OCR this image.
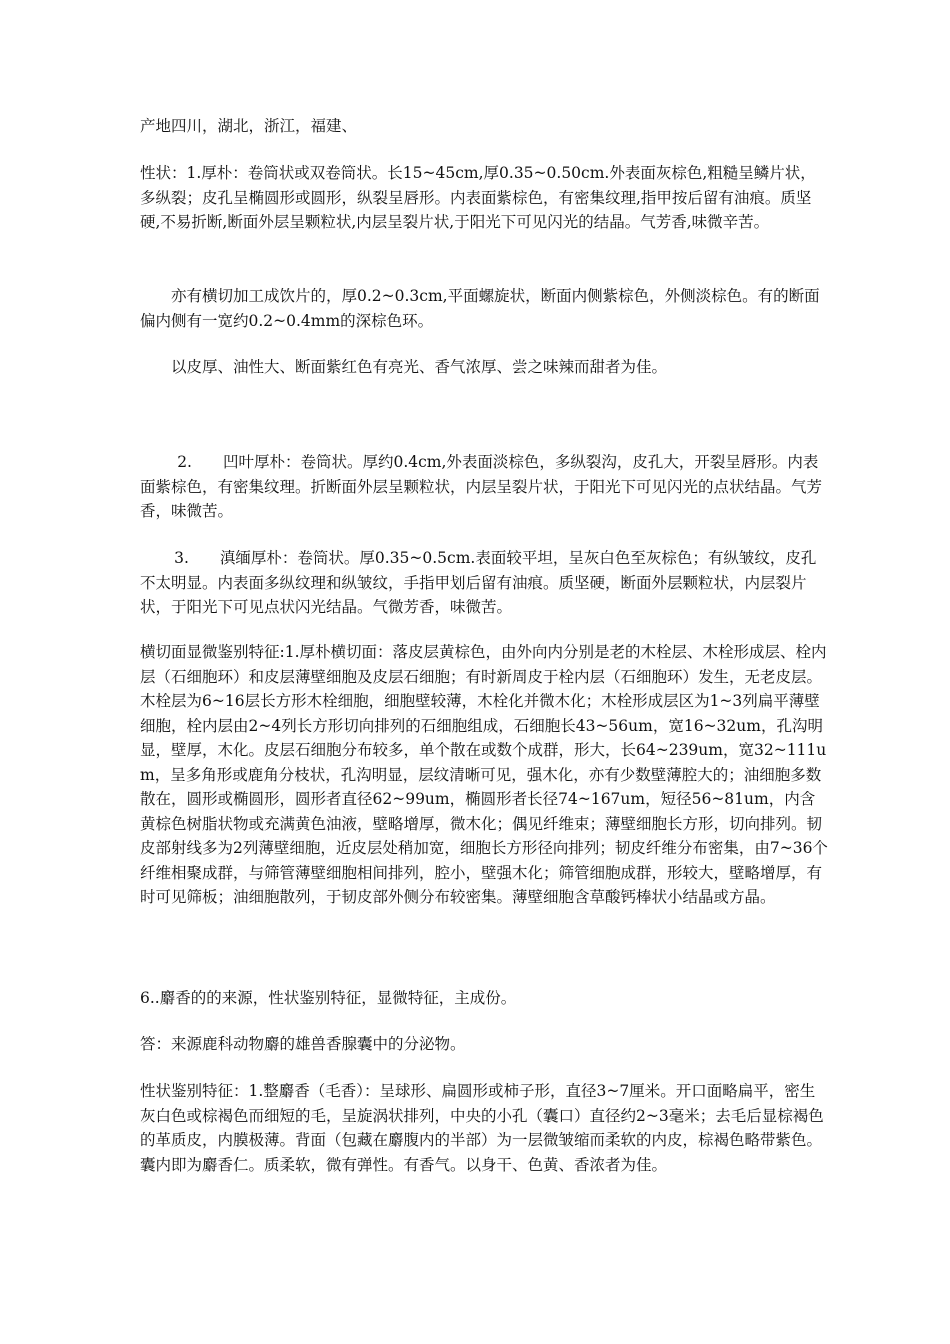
产地四川，湖北，浙江，福建、

性状：1.厚朴：卷筒状或双卷筒状。长15~45cm,厚0.35~0.50cm.外表面灰棕色,粗糙呈鳞片状，多纵裂；皮孔呈椭圆形或圆形，纵裂呈唇形。内表面紫棕色，有密集纹理,指甲按后留有油痕。质坚硬,不易折断,断面外层呈颗粒状,内层呈裂片状,于阳光下可见闪光的结晶。气芳香,味微辛苦。

亦有横切加工成饮片的，厚0.2~0.3cm,平面螺旋状，断面内侧紫棕色，外侧淡棕色。有的断面偏内侧有一宽约0.2~0.4mm的深棕色环。

以皮厚、油性大、断面紫红色有亮光、香气浓厚、尝之味辣而甜者为佳。

2.　　凹叶厚朴：卷筒状。厚约0.4cm,外表面淡棕色，多纵裂沟，皮孔大，开裂呈唇形。内表面紫棕色，有密集纹理。折断面外层呈颗粒状，内层呈裂片状，于阳光下可见闪光的点状结晶。气芳香，味微苦。

3.　　滇缅厚朴：卷筒状。厚0.35~0.5cm.表面较平坦，呈灰白色至灰棕色；有纵皱纹，皮孔不太明显。内表面多纵纹理和纵皱纹，手指甲划后留有油痕。质坚硬，断面外层颗粒状，内层裂片状，于阳光下可见点状闪光结晶。气微芳香，味微苦。

横切面显微鉴别特征:1.厚朴横切面：落皮层黄棕色，由外向内分别是老的木栓层、木栓形成层、栓内层（石细胞环）和皮层薄壁细胞及皮层石细胞；有时新周皮于栓内层（石细胞环）发生，无老皮层。木栓层为6~16层长方形木栓细胞，细胞壁较薄，木栓化并微木化；木栓形成层区为1~3列扁平薄壁细胞，栓内层由2~4列长方形切向排列的石细胞组成，石细胞长43~56um，宽16~32um，孔沟明显，壁厚，木化。皮层石细胞分布较多，单个散在或数个成群，形大，长64~239um，宽32~111um，呈多角形或鹿角分枝状，孔沟明显，层纹清晰可见，强木化，亦有少数壁薄腔大的；油细胞多数散在，圆形或椭圆形，圆形者直径62~99um，椭圆形者长径74~167um，短径56~81um，内含黄棕色树脂状物或充满黄色油液，壁略增厚，微木化；偶见纤维束；薄壁细胞长方形，切向排列。韧皮部射线多为2列薄壁细胞，近皮层处稍加宽，细胞长方形径向排列；韧皮纤维分布密集，由7~36个纤维相聚成群，与筛管薄壁细胞相间排列，腔小，壁强木化；筛管细胞成群，形较大，壁略增厚，有时可见筛板；油细胞散列，于韧皮部外侧分布较密集。薄壁细胞含草酸钙棒状小结晶或方晶。

6..麝香的的来源，性状鉴别特征，显微特征，主成份。

答：来源鹿科动物麝的雄兽香腺囊中的分泌物。

性状鉴别特征：1.整麝香（毛香）：呈球形、扁圆形或柿子形，直径3~7厘米。开口面略扁平，密生灰白色或棕褐色而细短的毛，呈旋涡状排列，中央的小孔（囊口）直径约2~3毫米；去毛后显棕褐色的革质皮，内膜极薄。背面（包藏在麝腹内的半部）为一层微皱缩而柔软的内皮，棕褐色略带紫色。囊内即为麝香仁。质柔软，微有弹性。有香气。以身干、色黄、香浓者为佳。
